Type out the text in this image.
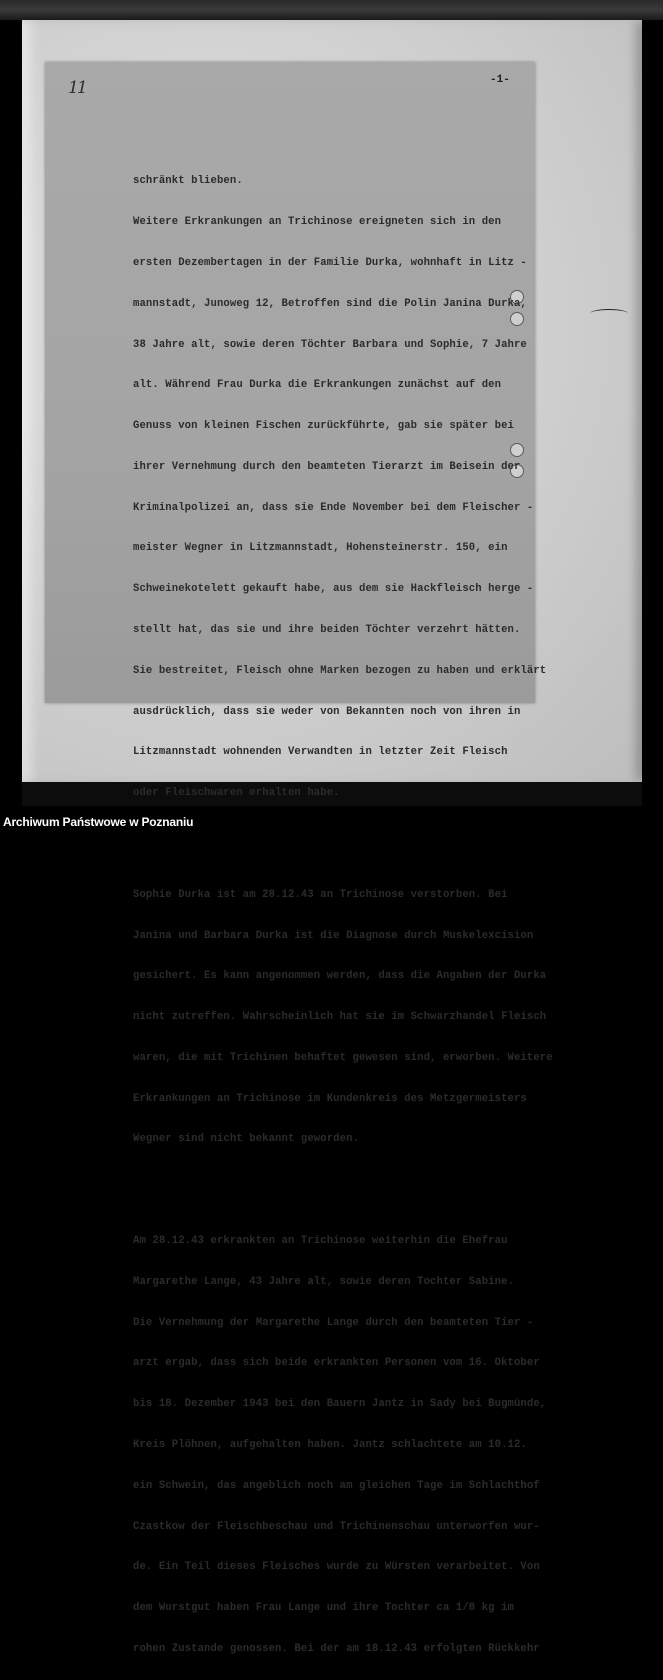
11	-1-

schränkt blieben.

Weitere Erkrankungen an Trichinose ereigneten sich in den

ersten Dezembertagen in der Familie Durka, wohnhaft in Litz -

mannstadt, Junoweg 12, Betroffen sind die Polin Janina Durka,

38 Jahre alt, sowie deren Töchter Barbara und Sophie, 7 Jahre

alt. Während Frau Durka die Erkrankungen zunächst auf den

Genuss von kleinen Fischen zurückführte, gab sie später bei

ihrer Vernehmung durch den beamteten Tierarzt im Beisein der

Kriminalpolizei an, dass sie Ende November bei dem Fleischer -

meister Wegner in Litzmannstadt, Hohensteinerstr. 150, ein

Schweinekotelett gekauft habe, aus dem sie Hackfleisch herge -

stellt hat, das sie und ihre beiden Töchter verzehrt hätten.

Sie bestreitet, Fleisch ohne Marken bezogen zu haben und erklärt

ausdrücklich, dass sie weder von Bekannten noch von ihren in

Litzmannstadt wohnenden Verwandten in letzter Zeit Fleisch

oder Fleischwaren erhalten habe.

Sophie Durka ist am 28.12.43 an Trichinose verstorben. Bei

Janina und Barbara Durka ist die Diagnose durch Muskelexcision

gesichert. Es kann angenommen werden, dass die Angaben der Durka

nicht zutreffen. Wahrscheinlich hat sie im Schwarzhandel Fleisch

waren, die mit Trichinen behaftet gewesen sind, erworben. Weitere

Erkrankungen an Trichinose im Kundenkreis des Metzgermeisters

Wegner sind nicht bekannt geworden.

Am 28.12.43 erkrankten an Trichinose weiterhin die Ehefrau

Margarethe Lange, 43 Jahre alt, sowie deren Tochter Sabine.

Die Vernehmung der Margarethe Lange durch den beamteten Tier -

arzt ergab, dass sich beide erkrankten Personen vom 16. Oktober

bis 18. Dezember 1943 bei den Bauern Jantz in Sady bei Bugmünde,

Kreis Plöhnen, aufgehalten haben. Jantz schlachtete am 10.12.

ein Schwein, das angeblich noch am gleichen Tage im Schlachthof

Czastkow der Fleischbeschau und Trichinenschau unterworfen wur-

de. Ein Teil dieses Fleisches wurde zu Würsten verarbeitet. Von

dem Wurstgut haben Frau Lange und ihre Tochter ca 1/8 kg im

rohen Zustande genossen. Bei der am 18.12.43 erfolgten Rückkehr

Archiwum Państwowe w Poznaniu
